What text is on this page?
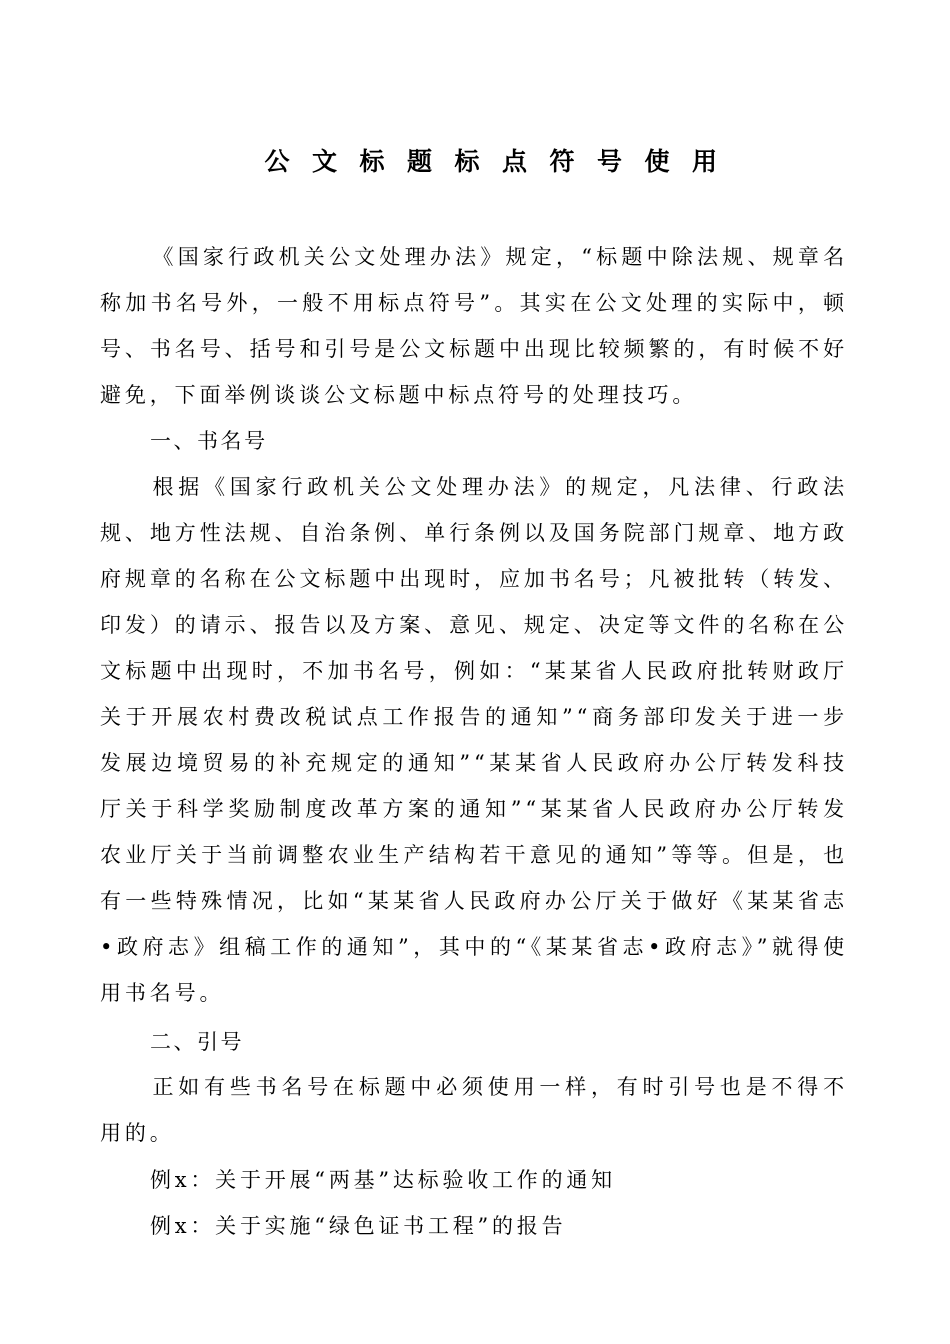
公文标题标点符号使用

《国家行政机关公文处理办法》规定，“标题中除法规、规章名称加书名号外，一般不用标点符号”。其实在公文处理的实际中，顿号、书名号、括号和引号是公文标题中出现比较频繁的，有时候不好避免，下面举例谈谈公文标题中标点符号的处理技巧。

一、书名号

根据《国家行政机关公文处理办法》的规定，凡法律、行政法规、地方性法规、自治条例、单行条例以及国务院部门规章、地方政府规章的名称在公文标题中出现时，应加书名号；凡被批转（转发、印发）的请示、报告以及方案、意见、规定、决定等文件的名称在公文标题中出现时，不加书名号，例如：“某某省人民政府批转财政厅关于开展农村费改税试点工作报告的通知”“商务部印发关于进一步发展边境贸易的补充规定的通知”“某某省人民政府办公厅转发科技厅关于科学奖励制度改革方案的通知”“某某省人民政府办公厅转发农业厅关于当前调整农业生产结构若干意见的通知”等等。但是，也有一些特殊情况，比如“某某省人民政府办公厅关于做好《某某省志•政府志》组稿工作的通知”，其中的“《某某省志•政府志》”就得使用书名号。

二、引号

正如有些书名号在标题中必须使用一样，有时引号也是不得不用的。

例x：关于开展“两基”达标验收工作的通知

例x：关于实施“绿色证书工程”的报告
